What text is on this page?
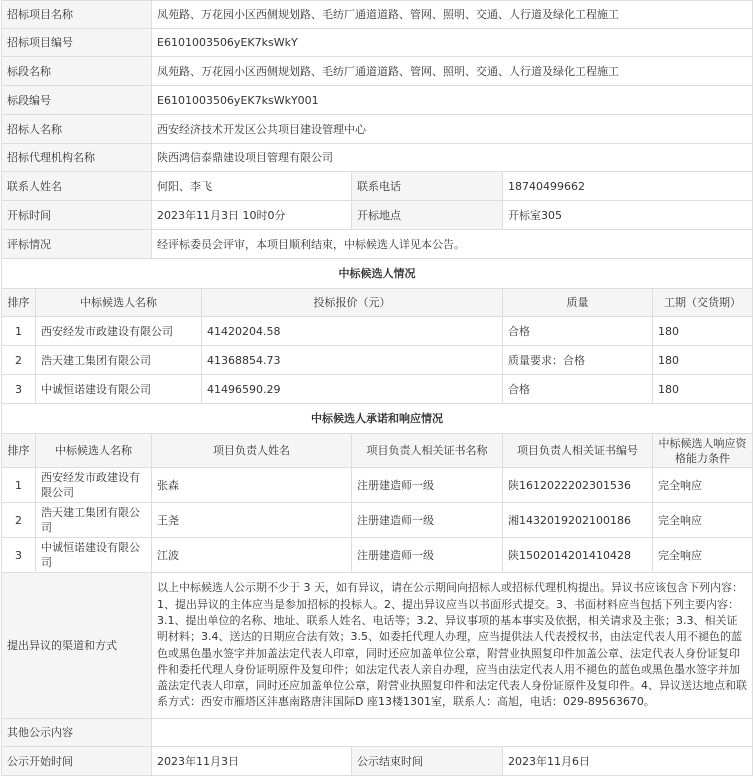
招标项目名称		凤苑路、万花园小区西侧规划路、毛纺厂通道道路、管网、照明、交通、人行道及绿化工程施工				
招标项目编号		E6101003506yEK7ksWkY				
标段名称		凤苑路、万花园小区西侧规划路、毛纺厂通道道路、管网、照明、交通、人行道及绿化工程施工				
标段编号		E6101003506yEK7ksWkY001				
招标人名称		西安经济技术开发区公共项目建设管理中心				
招标代理机构名称		陕西鸿信泰鼎建设项目管理有限公司				
联系人姓名		何阳、李飞		联系电话	18740499662	
开标时间		2023年11月3日 10时0分		开标地点	开标室305	
评标情况		经评标委员会评审，本项目顺利结束，中标候选人详见本公告。				
中标候选人情况						
排序	中标候选人名称		投标报价（元）		质量	工期（交货期）
1	西安经发市政建设有限公司		41420204.58		合格	180
2	浩天建工集团有限公司		41368854.73		质量要求：合格	180
3	中诚恒诺建设有限公司		41496590.29		合格	180
中标候选人承诺和响应情况						
排序	中标候选人名称	项目负责人姓名		项目负责人相关证书名称	项目负责人相关证书编号	中标候选人响应资格能力条件
1	西安经发市政建设有限公司	张森		注册建造师一级	陕1612022202301536	完全响应
2	浩天建工集团有限公司	王尧		注册建造师一级	湘1432019202100186	完全响应
3	中诚恒诺建设有限公司	江波		注册建造师一级	陕1502014201410428	完全响应
提出异议的渠道和方式		以上中标候选人公示期不少于 3 天，如有异议，请在公示期间向招标人或招标代理机构提出。异议书应该包含下列内容：1、提出异议的主体应当是参加招标的投标人。2、提出异议应当以书面形式提交。3、书面材料应当包括下列主要内容：3.1、提出单位的名称、地址、联系人姓名、电话等；3.2、异议事项的基本事实及依据，相关请求及主张；3.3、相关证明材料；3.4、送达的日期应合法有效；3.5、如委托代理人办理，应当提供法人代表授权书，由法定代表人用不褪色的蓝色或黑色墨水签字并加盖法定代表人印章，同时还应加盖单位公章，附营业执照复印件加盖公章、法定代表人身份证复印件和委托代理人身份证明原件及复印件；如法定代表人亲自办理，应当由法定代表人用不褪色的蓝色或黑色墨水签字并加盖法定代表人印章，同时还应加盖单位公章，附营业执照复印件和法定代表人身份证原件及复印件。4、异议送达地点和联系方式：西安市雁塔区沣惠南路唐沣国际D 座13楼1301室，联系人：高旭，电话：029-89563670。				
其他公示内容						
公示开始时间		2023年11月3日		公示结束时间	2023年11月6日	
